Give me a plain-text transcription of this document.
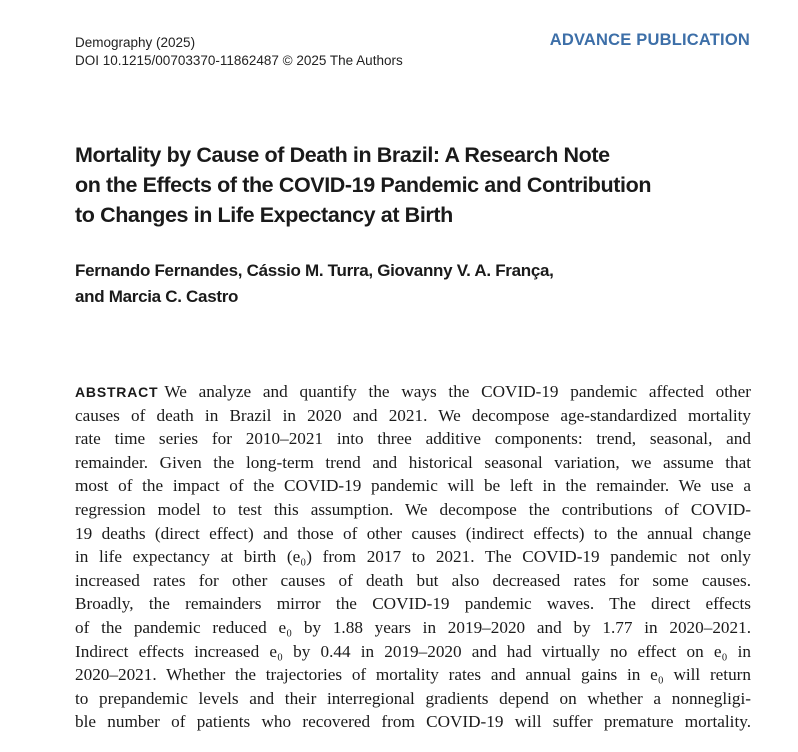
Demography (2025)
DOI 10.1215/00703370-11862487 © 2025 The Authors
ADVANCE PUBLICATION
Mortality by Cause of Death in Brazil: A Research Note
on the Effects of the COVID-19 Pandemic and Contribution
to Changes in Life Expectancy at Birth
Fernando Fernandes, Cássio M. Turra, Giovanny V. A. França,
and Marcia C. Castro
ABSTRACT We analyze and quantify the ways the COVID-19 pandemic affected other
causes of death in Brazil in 2020 and 2021. We decompose age-standardized mortality
rate time series for 2010–2021 into three additive components: trend, seasonal, and
remainder. Given the long-term trend and historical seasonal variation, we assume that
most of the impact of the COVID-19 pandemic will be left in the remainder. We use a
regression model to test this assumption. We decompose the contributions of COVID-
19 deaths (direct effect) and those of other causes (indirect effects) to the annual change
in life expectancy at birth (e₀) from 2017 to 2021. The COVID-19 pandemic not only
increased rates for other causes of death but also decreased rates for some causes.
Broadly, the remainders mirror the COVID-19 pandemic waves. The direct effects
of the pandemic reduced e₀ by 1.88 years in 2019–2020 and by 1.77 in 2020–2021.
Indirect effects increased e₀ by 0.44 in 2019–2020 and had virtually no effect on e₀ in
2020–2021. Whether the trajectories of mortality rates and annual gains in e₀ will return
to prepandemic levels and their interregional gradients depend on whether a nonnegligi-
ble number of patients who recovered from COVID-19 will suffer premature mortality.
